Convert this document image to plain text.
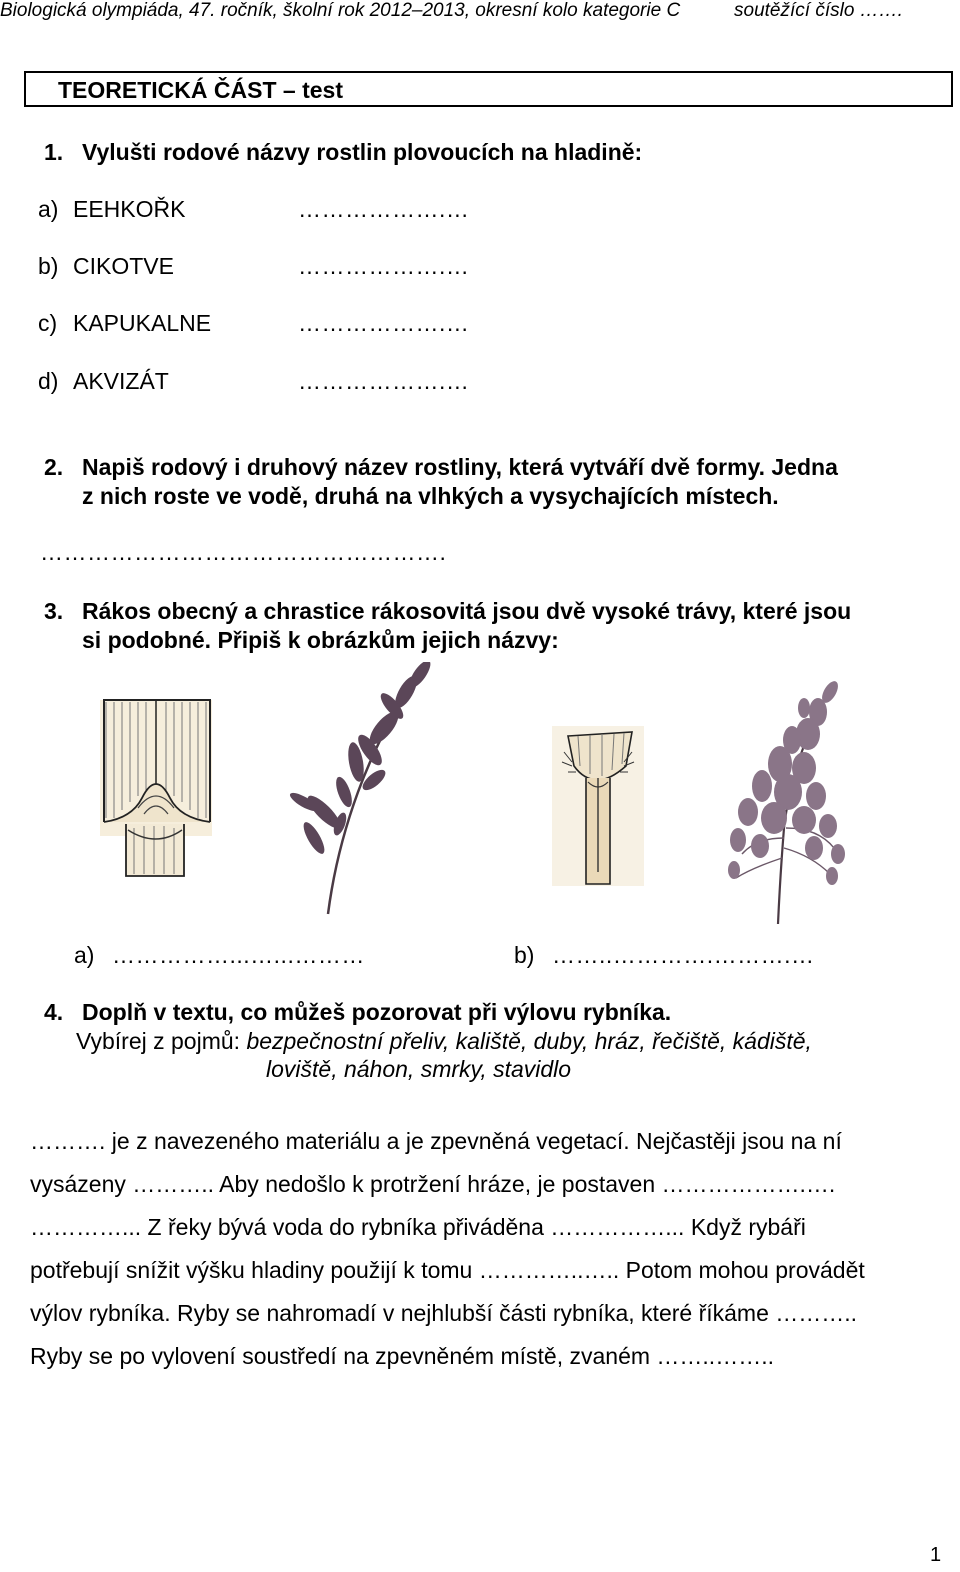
Biologická olympiáda, 47. ročník, školní rok 2012–2013, okresní kolo kategorie C	soutěžící číslo …….
TEORETICKÁ ČÁST – test
1. Vylušti rodové názvy rostlin plovoucích na hladině:
a) EEHKOŘK	……………….…
b) CIKOTVE	……………….…
c) KAPUKALNE	……………….…
d) AKVIZÁT	……………….…
2. Napiš rodový i druhový název rostliny, která vytváří dvě formy. Jedna
z nich roste ve vodě, druhá na vlhkých a vysychajících místech.
…………………………………………….
3. Rákos obecný a chrastice rákosovitá jsou dvě vysoké trávy, které jsou
si podobné. Připiš k obrázkům jejich názvy:
a) ……………...…...………	b) ……..………….……….…
4. Doplň v textu, co můžeš pozorovat při výlovu rybníka.
Vybírej z pojmů: bezpečnostní přeliv, kaliště, duby, hráz, řečiště, kádiště,
loviště, náhon, smrky, stavidlo
………. je z navezeného materiálu a je zpevněná vegetací. Nejčastěji jsou na ní
vysázeny ……….. Aby nedošlo k protržení hráze, je postaven ……………….….
…………... Z řeky bývá voda do rybníka přiváděna ……………... Když rybáři
potřebují snížit výšku hladiny použijí k tomu …………..….. Potom mohou provádět
výlov rybníka. Ryby se nahromadí v nejhlubší části rybníka, které říkáme ………..
Ryby se po vylovení soustředí na zpevněném místě, zvaném ……..……..
1
